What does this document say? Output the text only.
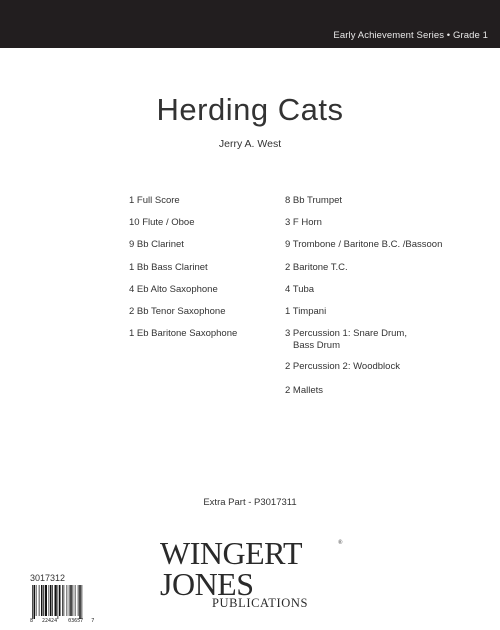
Early Achievement Series • Grade 1
Herding Cats
Jerry A. West
1 Full Score
10 Flute / Oboe
9 Bb Clarinet
1 Bb Bass Clarinet
4 Eb Alto Saxophone
2 Bb Tenor Saxophone
1 Eb Baritone Saxophone
8 Bb Trumpet
3 F Horn
9 Trombone / Baritone B.C. /Bassoon
2 Baritone T.C.
4 Tuba
1 Timpani
3 Percussion 1: Snare Drum,
Bass Drum
2 Percussion 2: Woodblock
2 Mallets
Extra Part - P3017311
WINGERT	®
JONES
PUBLICATIONS
3017312
8 22424 03657 7
